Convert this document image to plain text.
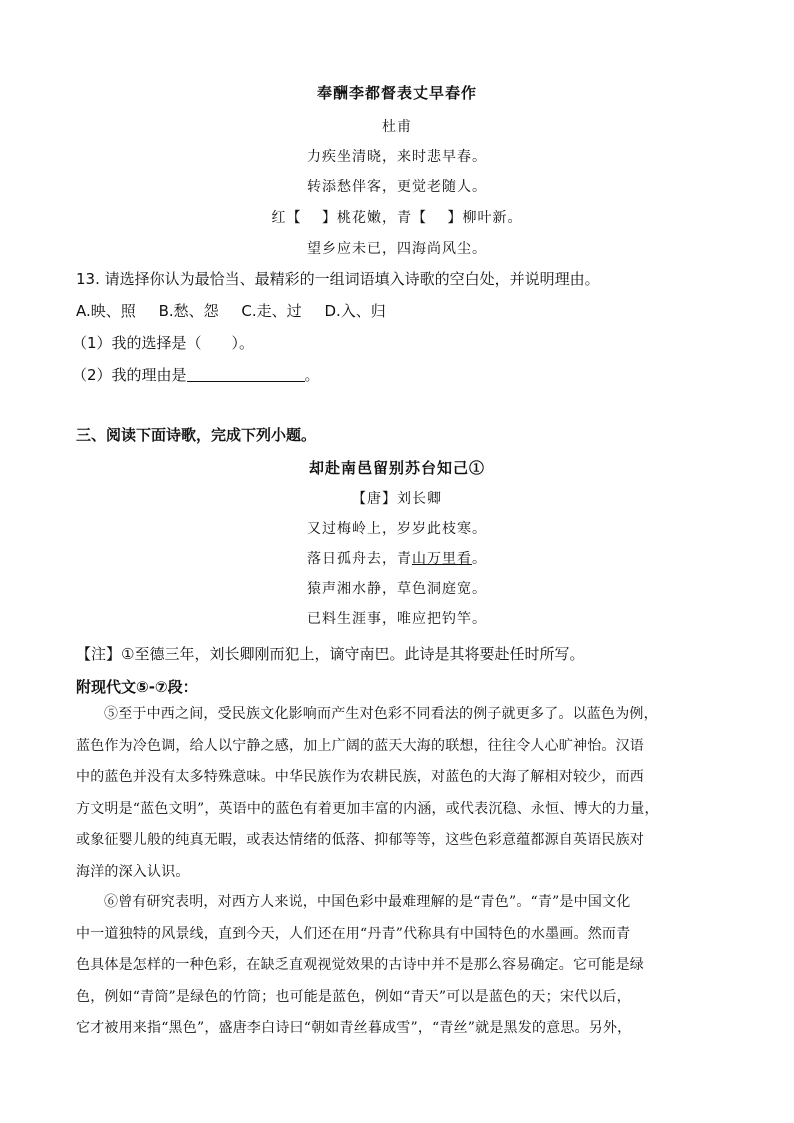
奉酬李都督表丈早春作
杜甫
力疾坐清晓，来时悲早春。
转添愁伴客，更觉老随人。
红【　 】桃花嫩，青【　 】柳叶新。
望乡应未已，四海尚风尘。
13. 请选择你认为最恰当、最精彩的一组词语填入诗歌的空白处，并说明理由。
A.映、照 B.愁、怨 C.走、过 D.入、归
（1）我的选择是（　　）。
（2）我的理由是	。
三、阅读下面诗歌，完成下列小题。
却赴南邑留别苏台知己①
【唐】刘长卿
又过梅岭上，岁岁此枝寒。
落日孤舟去，青山万里看。
猿声湘水静，草色洞庭宽。
已料生涯事，唯应把钓竿。
【注】①至德三年，刘长卿刚而犯上，谪守南巴。此诗是其将要赴任时所写。
附现代文⑤-⑦段：
⑤至于中西之间，受民族文化影响而产生对色彩不同看法的例子就更多了。以蓝色为例，
蓝色作为冷色调，给人以宁静之感，加上广阔的蓝天大海的联想，往往令人心旷神怡。汉语
中的蓝色并没有太多特殊意味。中华民族作为农耕民族，对蓝色的大海了解相对较少，而西
方文明是“蓝色文明”，英语中的蓝色有着更加丰富的内涵，或代表沉稳、永恒、博大的力量，
或象征婴儿般的纯真无暇，或表达情绪的低落、抑郁等等，这些色彩意蕴都源自英语民族对
海洋的深入认识。
⑥曾有研究表明，对西方人来说，中国色彩中最难理解的是“青色”。“青”是中国文化
中一道独特的风景线，直到今天，人们还在用“丹青”代称具有中国特色的水墨画。然而青
色具体是怎样的一种色彩，在缺乏直观视觉效果的古诗中并不是那么容易确定。它可能是绿
色，例如“青筒”是绿色的竹筒；也可能是蓝色，例如“青天”可以是蓝色的天；宋代以后，
它才被用来指“黑色”，盛唐李白诗曰“朝如青丝暮成雪”，“青丝”就是黑发的意思。另外，
